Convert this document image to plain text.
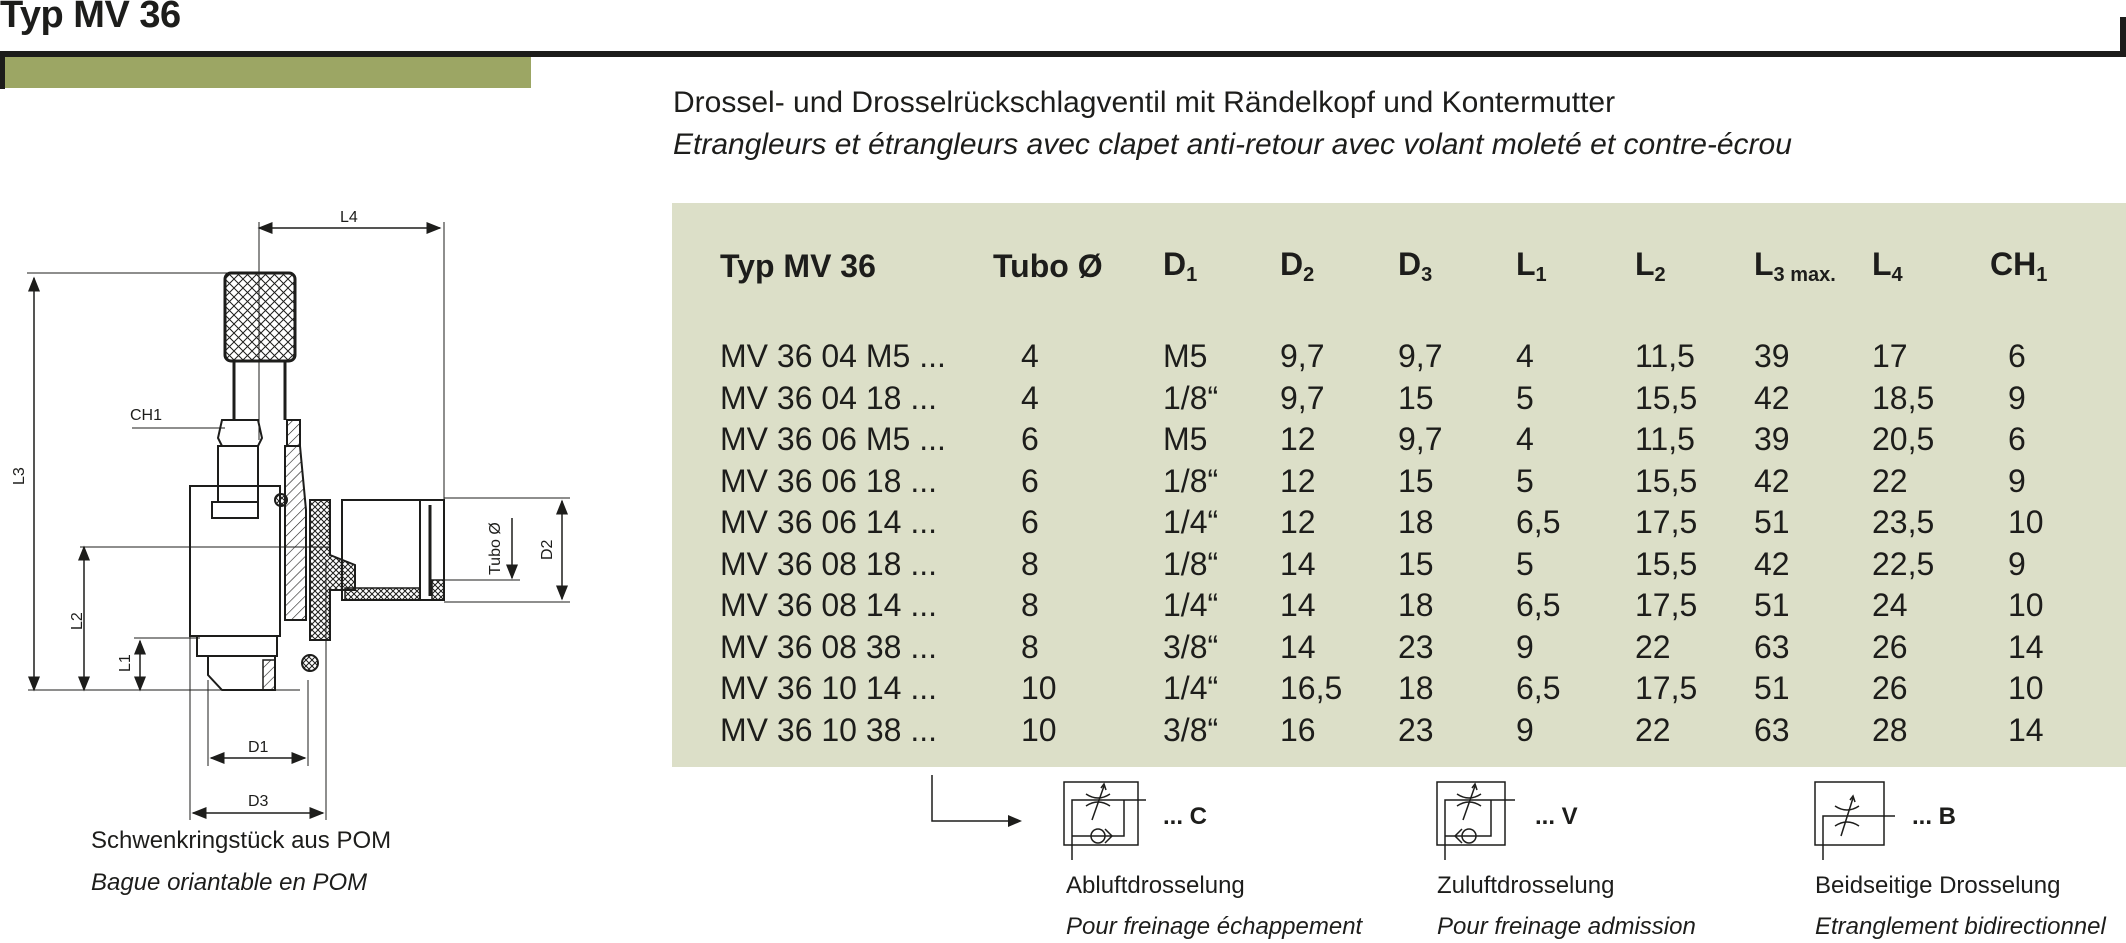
Typ MV 36
Drossel- und Drosselrückschlagventil mit Rändelkopf und Kontermutter
Etrangleurs et étrangleurs avec clapet anti-retour avec volant moleté et contre-écrou
L4
CH1
L3
L2
L1
D1
D3
Tubo Ø D2
Schwenkringstück aus POM
Bague oriantable en POM
Typ MV 36	Tubo Ø	$D_1$	$D_2$	$D_3$	$L_1$	$L_2$	$L_{3 max.}$	$L_4$	$CH_1$

MV 36 04 M5 ...	4	M5	9,7	9,7	4	11,5	39	17	6
MV 36 04 18 ...	4	1/8“	9,7	15	5	15,5	42	18,5	9
MV 36 06 M5 ...	6	M5	12	9,7	4	11,5	39	20,5	6
MV 36 06 18 ...	6	1/8“	12	15	5	15,5	42	22	9
MV 36 06 14 ...	6	1/4“	12	18	6,5	17,5	51	23,5	10
MV 36 08 18 ...	8	1/8“	14	15	5	15,5	42	22,5	9
MV 36 08 14 ...	8	1/4“	14	18	6,5	17,5	51	24	10
MV 36 08 38 ...	8	3/8“	14	23	9	22	63	26	14
MV 36 10 14 ...	10	1/4“	16,5	18	6,5	17,5	51	26	10
MV 36 10 38 ...	10	3/8“	16	23	9	22	63	28	14
... C
Abluftdrosselung
Pour freinage échappement
... V
Zuluftdrosselung
Pour freinage admission
... B
Beidseitige Drosselung
Etranglement bidirectionnel
